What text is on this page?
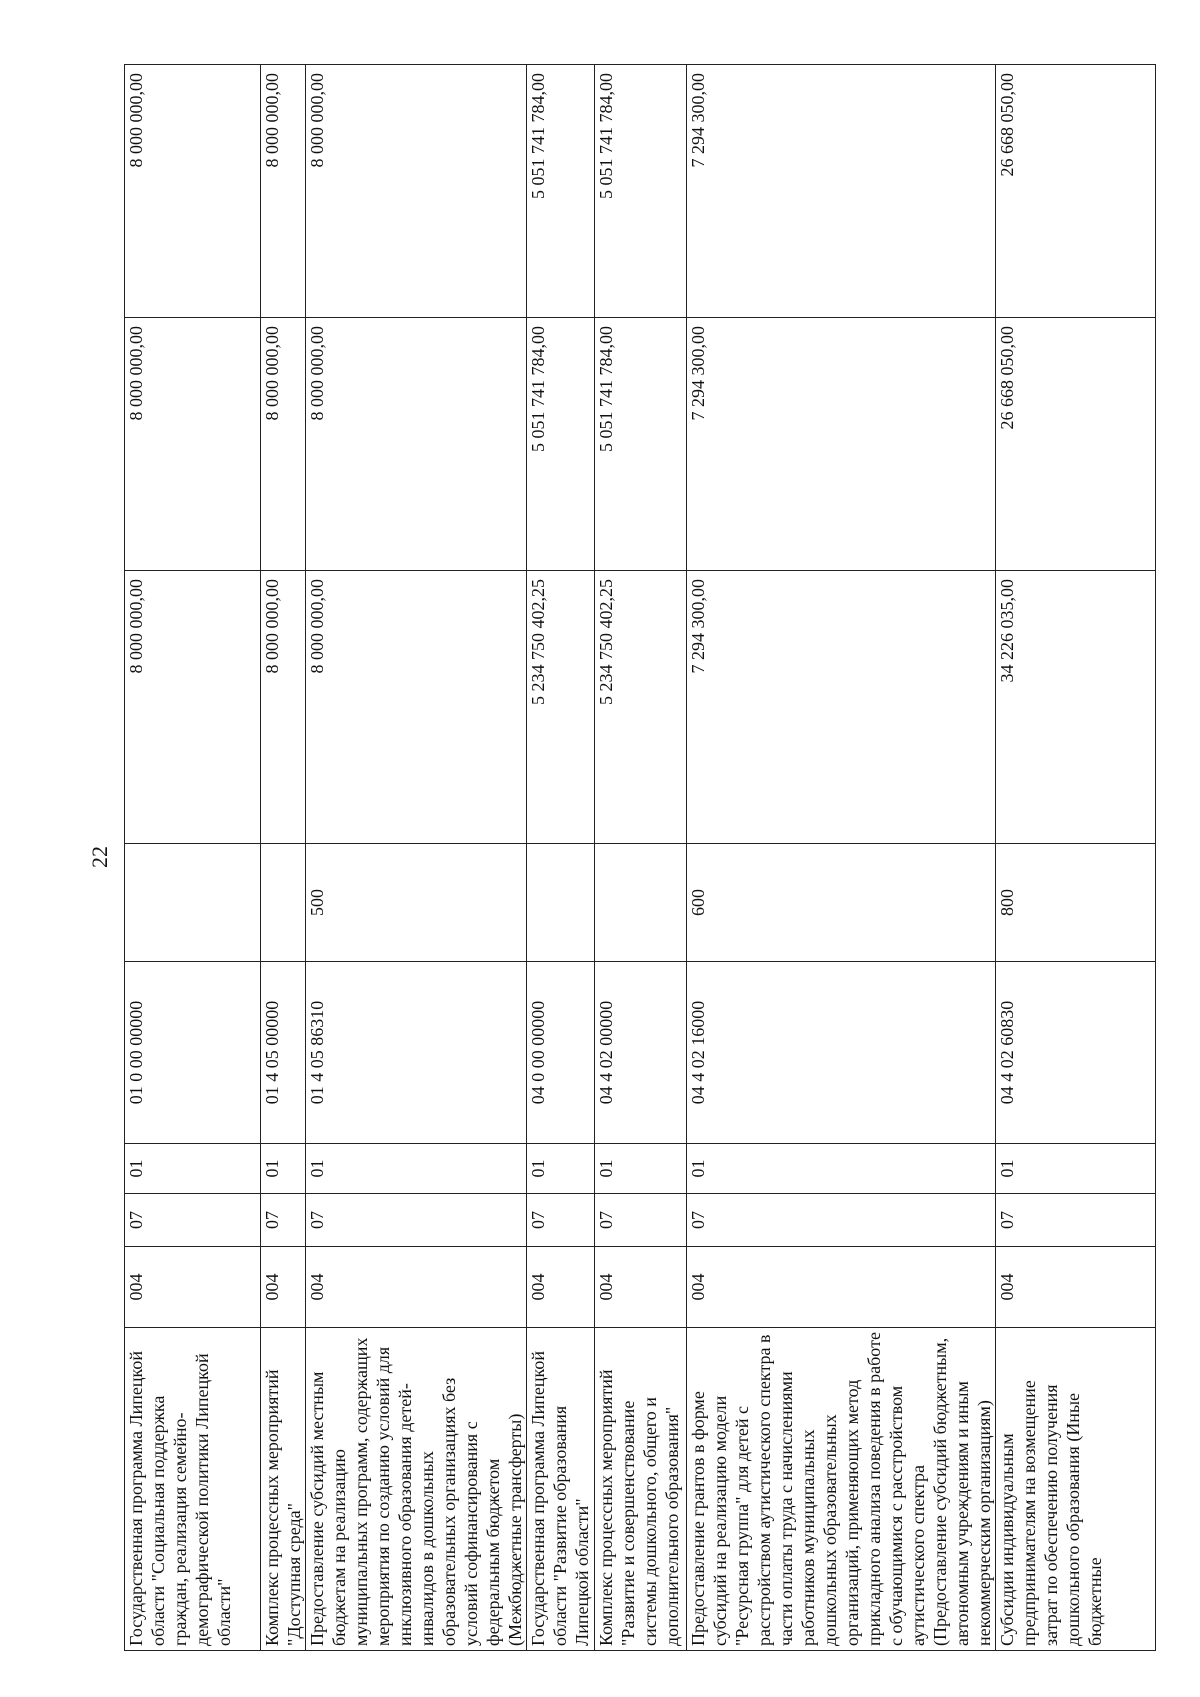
22
Государственная программа Липецкой области "Социальная поддержка граждан, реализация семейно-демографической политики Липецкой области"	004	07	01	01 0 00 00000		8 000 000,00	8 000 000,00	8 000 000,00

Комплекс процессных мероприятий "Доступная среда"	004	07	01	01 4 05 00000		8 000 000,00	8 000 000,00	8 000 000,00

Предоставление субсидий местным бюджетам на реализацию муниципальных программ, содержащих мероприятия по созданию условий для инклюзивного образования детей-инвалидов в дошкольных образовательных организациях без условий софинансирования с федеральным бюджетом (Межбюджетные трансферты)	004	07	01	01 4 05 86310	500	8 000 000,00	8 000 000,00	8 000 000,00

Государственная программа Липецкой области "Развитие образования Липецкой области"	004	07	01	04 0 00 00000		5 234 750 402,25	5 051 741 784,00	5 051 741 784,00

Комплекс процессных мероприятий "Развитие и совершенствование системы дошкольного, общего и дополнительного образования"	004	07	01	04 4 02 00000		5 234 750 402,25	5 051 741 784,00	5 051 741 784,00

Предоставление грантов в форме субсидий на реализацию модели "Ресурсная группа" для детей с расстройством аутистического спектра в части оплаты труда с начислениями работников муниципальных дошкольных образовательных организаций, применяющих метод прикладного анализа поведения в работе с обучающимися с расстройством аутистического спектра (Предоставление субсидий бюджетным, автономным учреждениям и иным некоммерческим организациям)	004	07	01	04 4 02 16000	600	7 294 300,00	7 294 300,00	7 294 300,00

Субсидии индивидуальным предпринимателям на возмещение затрат по обеспечению получения дошкольного образования (Иные бюджетные	004	07	01	04 4 02 60830	800	34 226 035,00	26 668 050,00	26 668 050,00
